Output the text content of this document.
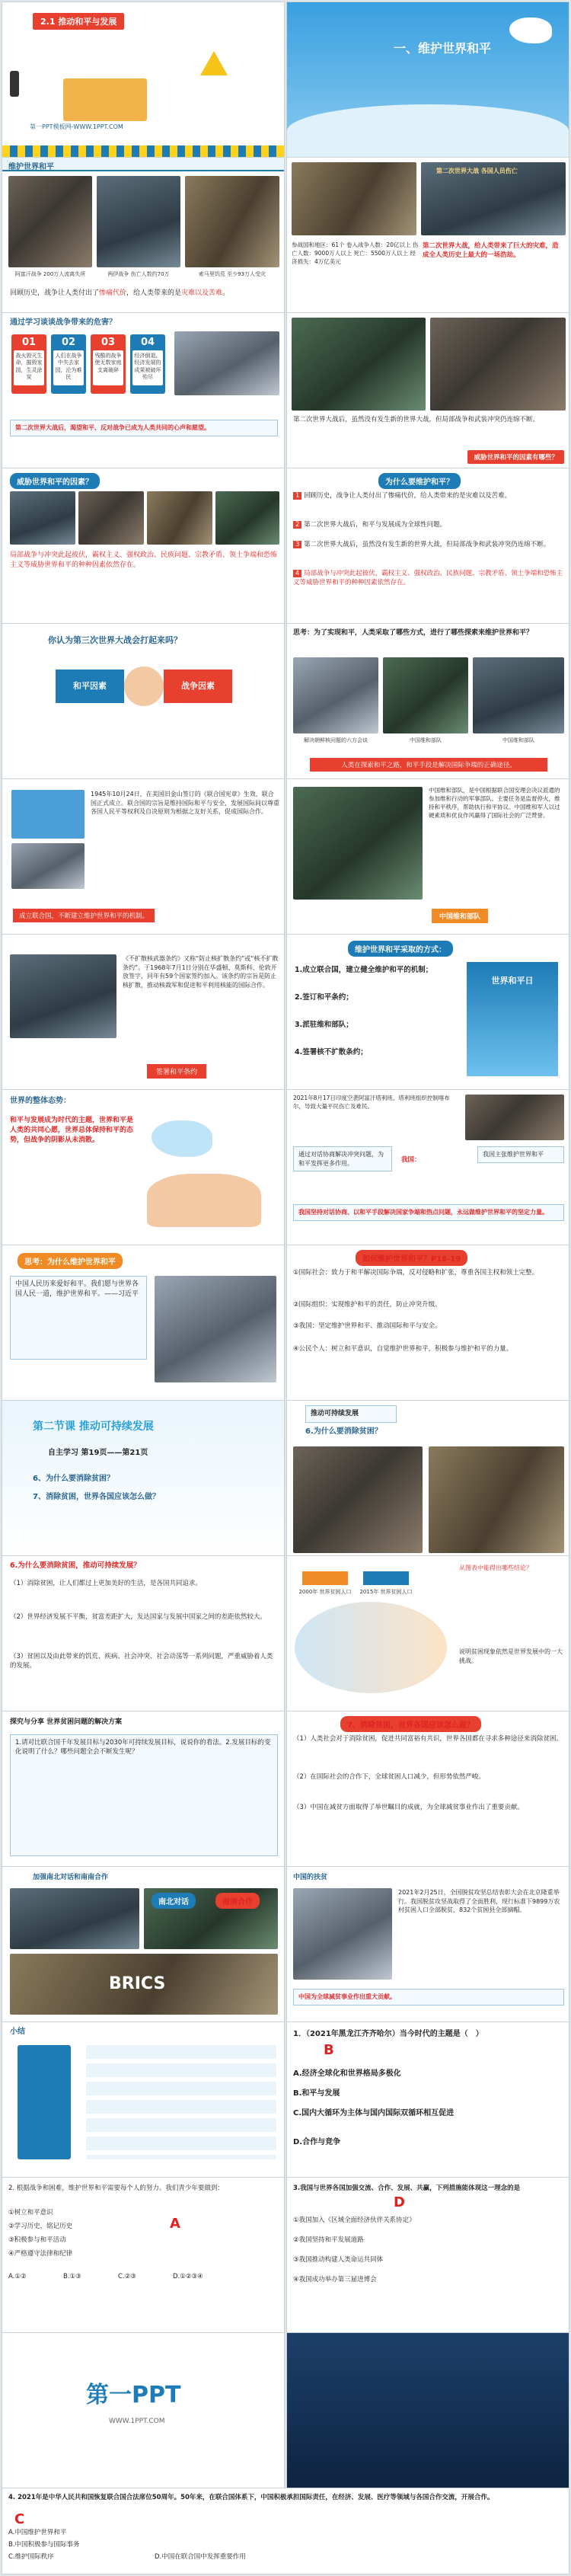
2.1 推动和平与发展
第一PPT模板网-WWW.1PPT.COM
一、维护世界和平
维护世界和平
阿富汗战争 200万人流离失所	两伊战争 伤亡人数约70万	索马里饥荒 至少93万人受灾
回顾历史，战争让人类付出了惨痛代价，给人类带来的是灾难以及苦难。
第二次世界大战 各国人员伤亡
参战国和地区：61个 卷入战争人数：20亿以上 伤亡人数：9000万人以上 死亡：5500万人以上 经济损失：4万亿美元
第二次世界大战，给人类带来了巨大的灾难，造成全人类历史上最大的一场浩劫。
通过学习谈谈战争带来的危害？
01
战火毁灭生命，摧毁家园，生灵涂炭
02
人们在战争中失去家园，沦为难民
03
残酷的战争使无数家庭支离破碎
04
经济倒退，经济发展的成果被破坏殆尽
第二次世界大战后，渴望和平、反对战争已成为人类共同的心声和愿望。
第二次世界大战后，虽然没有发生新的世界大战，但局部战争和武装冲突仍连绵不断。
威胁世界和平的因素有哪些？
威胁世界和平的因素？
局部战争与冲突此起彼伏，霸权主义、强权政治、民族问题、宗教矛盾、领土争端和恐怖主义等威胁世界和平的种种因素依然存在。
为什么要维护和平？
1 回顾历史，战争让人类付出了惨痛代价，给人类带来的是灾难以及苦难。
2 第二次世界大战后，和平与发展成为全球性问题。
3 第二次世界大战后，虽然没有发生新的世界大战，但局部战争和武装冲突仍连绵不断。
4 局部战争与冲突此起彼伏，霸权主义、强权政治、民族问题、宗教矛盾、领土争端和恐怖主义等威胁世界和平的种种因素依然存在。
你认为第三次世界大战会打起来吗？
和平因素	战争因素
思考：为了实现和平，人类采取了哪些方式，进行了哪些探索来维护世界和平？
解决朝鲜核问题的六方会谈	中国维和部队	中国维和部队
人类在探索和平之路，和平手段是解决国际争端的正确途径。
1945年10月24日，在美国旧金山签订的《联合国宪章》生效，联合国正式成立。联合国的宗旨是维持国际和平与安全，发展国际间以尊重各国人民平等权利及自决原则为根据之友好关系，促成国际合作。
成立联合国，不断建立维护世界和平的机制。
中国维和部队，是中国根据联合国安理会决议派遣的参加维和行动的军事部队。主要任务是监督停火，维持和平秩序，帮助执行和平协议。中国维和军人以过硬素质和优良作风赢得了国际社会的广泛赞誉。
中国维和部队
《不扩散核武器条约》又称“防止核扩散条约”或“核不扩散条约”。于1968年7月1日分别在华盛顿、莫斯科、伦敦开放签字，同年有59个国家签约加入。该条约的宗旨是防止核扩散，推动核裁军和促进和平利用核能的国际合作。
签署和平条约
维护世界和平采取的方式：
1.成立联合国，建立健全维护和平的机制；
2.签订和平条约；
3.派驻维和部队；
4.签署核不扩散条约；
世界和平日
世界的整体态势：
和平与发展成为时代的主题，世界和平是人类的共同心愿，世界总体保持和平的态势，但战争的阴影从未消散。
2021年8月17日印度空袭阿富汗塔利班。塔利班组织控制喀布尔，导致大量平民伤亡及难民。
通过对话协商解决冲突问题，为和平发挥更多作用。	我国：
我国主张维护世界和平
我国坚持对话协商、以和平手段解决国家争端和热点问题，永远做维护世界和平的坚定力量。
思考：为什么维护世界和平
中国人民历来爱好和平。我们愿与世界各国人民一道，维护世界和平。——习近平
如何维护世界和平？P18-19
①国际社会：致力于和平解决国际争端，反对侵略和扩张，尊重各国主权和领土完整。
②国际组织：实现维护和平的责任，防止冲突升级。
③我国：坚定维护世界和平、推动国际和平与安全。
④公民个人：树立和平意识，自觉维护世界和平，积极参与维护和平的力量。
第二节课 推动可持续发展
自主学习 第19页——第21页
6、为什么要消除贫困？
7、消除贫困，世界各国应该怎么做？
推动可持续发展
6.为什么要消除贫困？
6.为什么要消除贫困，推动可持续发展？
（1）消除贫困，让人们都过上更加美好的生活，是各国共同追求。
（2）世界经济发展不平衡，贫富差距扩大，发达国家与发展中国家之间的差距依然较大。
（3）贫困以及由此带来的饥荒、疾病、社会冲突、社会动荡等一系列问题，严重威胁着人类的发展。
从图表中能得出哪些结论？
2000年 世界贫困人口	2015年 世界贫困人口
说明贫困现象依然是世界发展中的一大挑战。
探究与分享 世界贫困问题的解决方案
1.请对比联合国千年发展目标与2030年可持续发展目标，说说你的看法。2.发展目标的变化说明了什么？哪些问题全会不断发生呢？
7、消除贫困，世界各国应该怎么做？
（1）人类社会对于消除贫困，促进共同富裕有共识，世界各国都在寻求多种途径来消除贫困。
（2）在国际社会的合作下，全球贫困人口减少，但形势依然严峻。
（3）中国在减贫方面取得了举世瞩目的成就，为全球减贫事业作出了重要贡献。
加强南北对话和南南合作
BRICS
南北对话	南南合作
中国的扶贫
2021年2月25日，全国脱贫攻坚总结表彰大会在北京隆重举行。我国脱贫攻坚战取得了全面胜利，现行标准下9899万农村贫困人口全部脱贫，832个贫困县全部摘帽。
中国为全球减贫事业作出重大贡献。
小结	1．（2021年黑龙江齐齐哈尔）当今时代的主题是（　）
B
A.经济全球化和世界格局多极化
B.和平与发展
C.国内大循环为主体与国内国际双循环相互促进
D.合作与竞争
2. 根据战争和困难，维护世界和平需要每个人的努力。我们青少年要做到：
①树立和平意识
②学习历史，铭记历史
③积极参与和平活动
④严格遵守法律和纪律
A.①②	B.①③	C.②③	D.①②③④
A
3.我国与世界各国加强交流、合作、发展、共赢，下列措施能体现这一理念的是
D
①我国加入《区域全面经济伙伴关系协定》
②我国坚持和平发展道路
③我国推动构建人类命运共同体
④我国成功举办第三届进博会
第一PPT
WWW.1PPT.COM
4. 2021年是中华人民共和国恢复联合国合法席位50周年。50年来，在联合国体系下，中国积极承担国际责任，在经济、发展、医疗等领域与各国合作交流，开展合作。
C
A.中国维护世界和平
B.中国积极参与国际事务
C.维护国际秩序	D.中国在联合国中发挥重要作用
